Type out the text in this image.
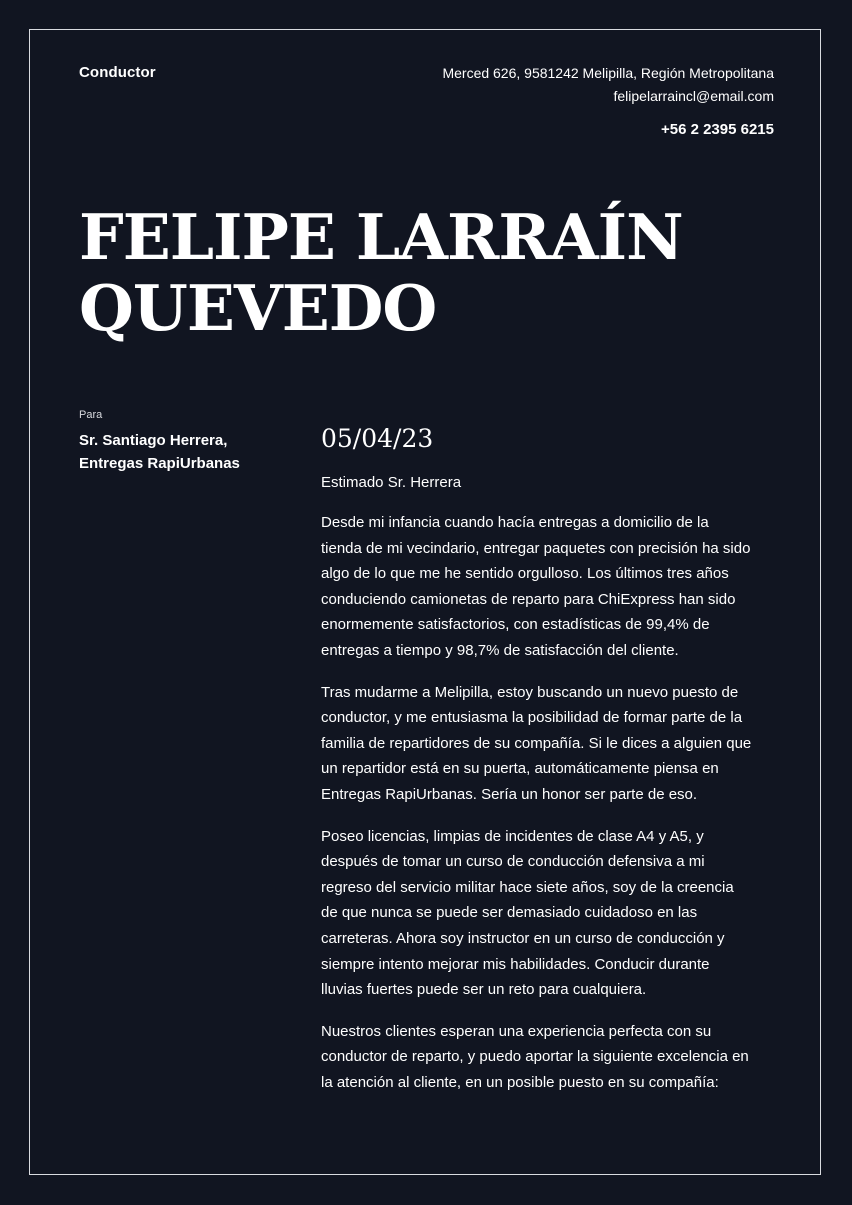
Conductor	Merced 626, 9581242 Melipilla, Región Metropolitana
felipelarraincl@email.com
+56 2 2395 6215
FELIPE LARRAÍN
QUEVEDO
Para
Sr. Santiago Herrera,
Entregas RapiUrbanas
05/04/23
Estimado Sr. Herrera

Desde mi infancia cuando hacía entregas a domicilio de la tienda de mi vecindario, entregar paquetes con precisión ha sido algo de lo que me he sentido orgulloso. Los últimos tres años conduciendo camionetas de reparto para ChiExpress han sido enormemente satisfactorios, con estadísticas de 99,4% de entregas a tiempo y 98,7% de satisfacción del cliente.

Tras mudarme a Melipilla, estoy buscando un nuevo puesto de conductor, y me entusiasma la posibilidad de formar parte de la familia de repartidores de su compañía. Si le dices a alguien que un repartidor está en su puerta, automáticamente piensa en Entregas RapiUrbanas. Sería un honor ser parte de eso.

Poseo licencias, limpias de incidentes de clase A4 y A5, y después de tomar un curso de conducción defensiva a mi regreso del servicio militar hace siete años, soy de la creencia de que nunca se puede ser demasiado cuidadoso en las carreteras. Ahora soy instructor en un curso de conducción y siempre intento mejorar mis habilidades. Conducir durante lluvias fuertes puede ser un reto para cualquiera.

Nuestros clientes esperan una experiencia perfecta con su conductor de reparto, y puedo aportar la siguiente excelencia en la atención al cliente, en un posible puesto en su compañía:
